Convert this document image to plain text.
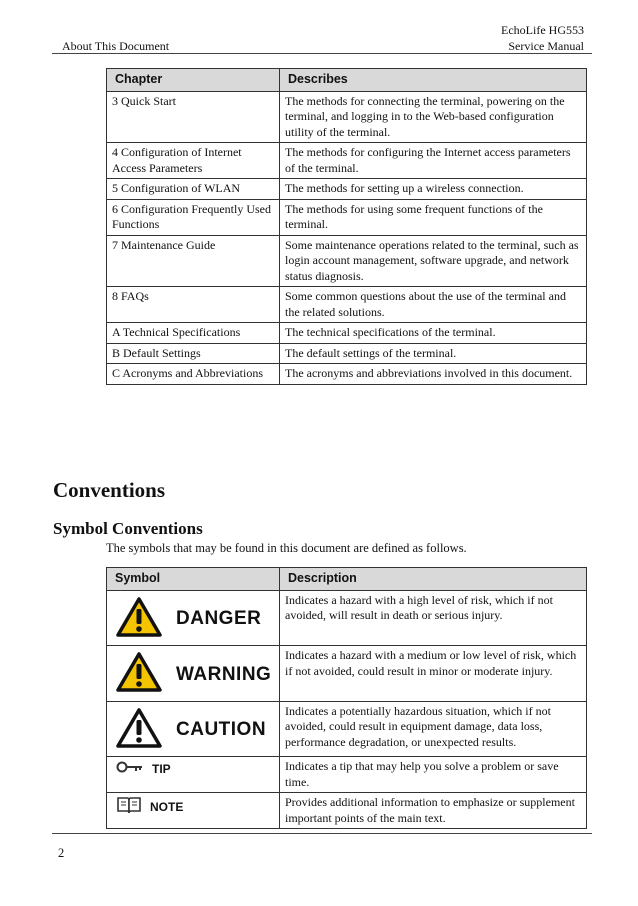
EchoLife HG553
Service Manual
About This Document
Chapter	Describes
3 Quick Start	The methods for connecting the terminal, powering on the terminal, and logging in to the Web-based configuration utility of the terminal.
4 Configuration of Internet Access Parameters	The methods for configuring the Internet access parameters of the terminal.
5 Configuration of WLAN	The methods for setting up a wireless connection.
6 Configuration Frequently Used Functions	The methods for using some frequent functions of the terminal.
7 Maintenance Guide	Some maintenance operations related to the terminal, such as login account management, software upgrade, and network status diagnosis.
8 FAQs	Some common questions about the use of the terminal and the related solutions.
A Technical Specifications	The technical specifications of the terminal.
B Default Settings	The default settings of the terminal.
C Acronyms and Abbreviations	The acronyms and abbreviations involved in this document.
Conventions
Symbol Conventions
The symbols that may be found in this document are defined as follows.
Symbol	Description

DANGER	Indicates a hazard with a high level of risk, which if not avoided, will result in death or serious injury.

WARNING	Indicates a hazard with a medium or low level of risk, which if not avoided, could result in minor or moderate injury.

CAUTION	Indicates a potentially hazardous situation, which if not avoided, could result in equipment damage, data loss, performance degradation, or unexpected results.

TIP	Indicates a tip that may help you solve a problem or save time.

NOTE	Provides additional information to emphasize or supplement important points of the main text.
2
